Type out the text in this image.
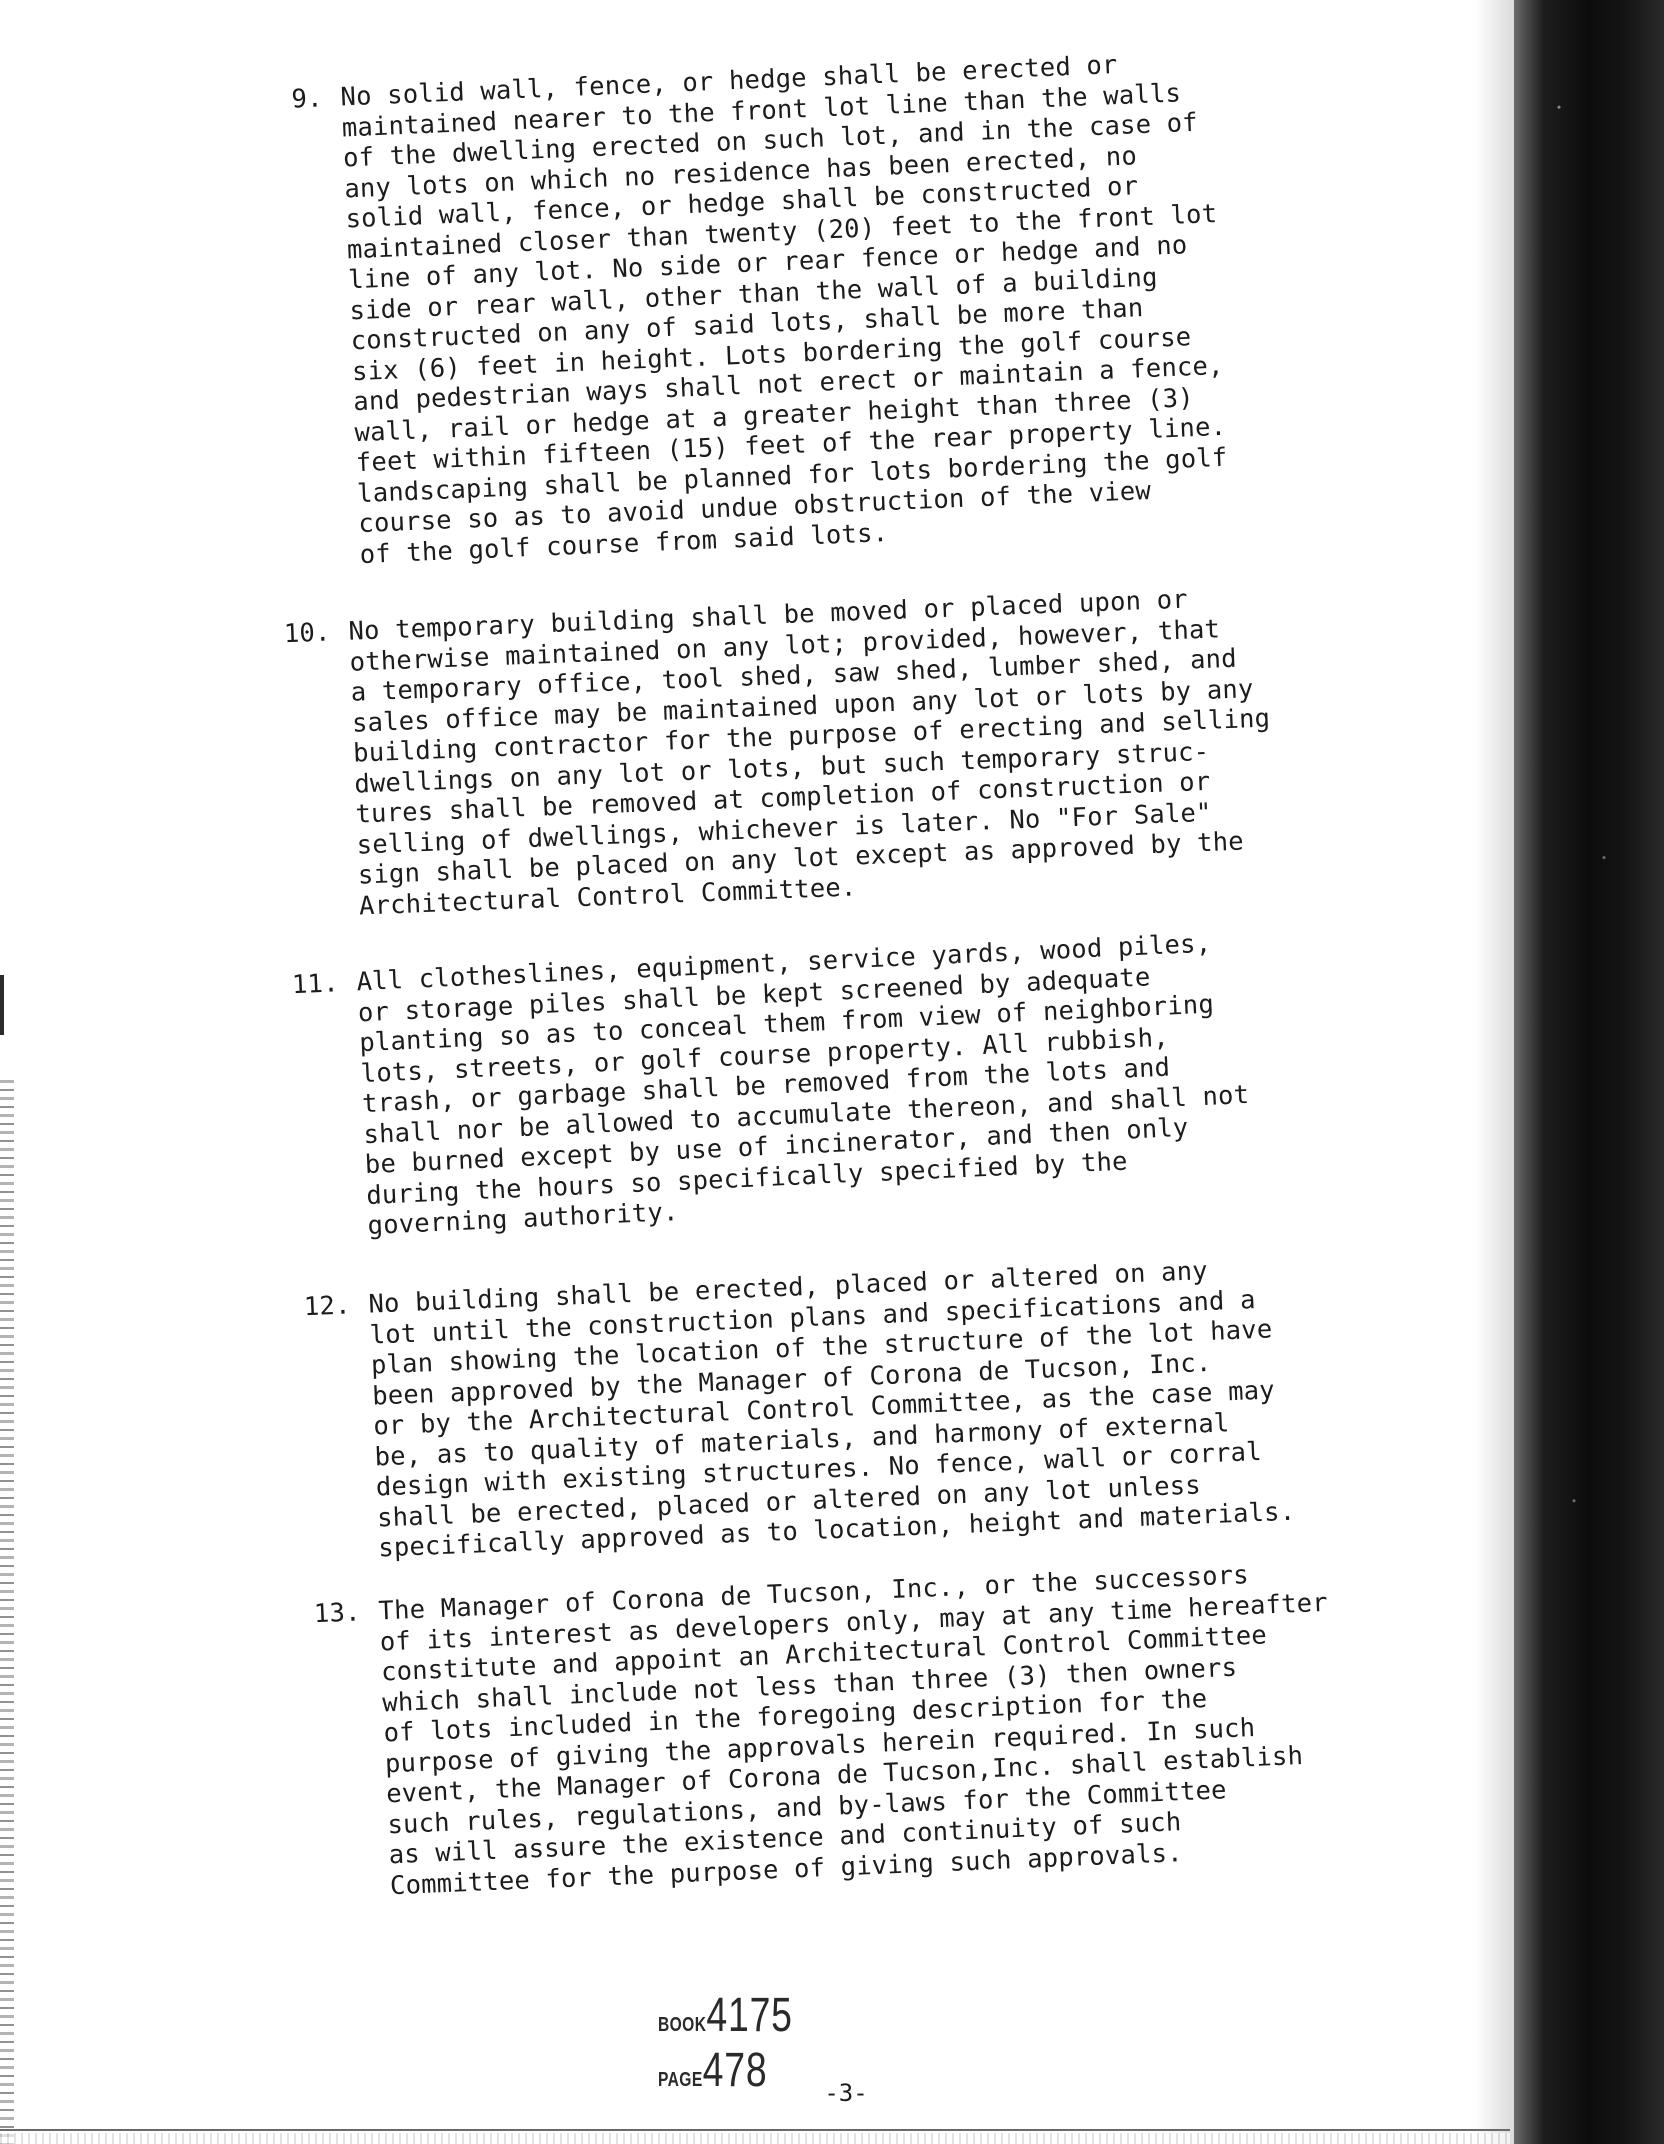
9. No solid wall, fence, or hedge shall be erected or
maintained nearer to the front lot line than the walls
of the dwelling erected on such lot, and in the case of
any lots on which no residence has been erected, no
solid wall, fence, or hedge shall be constructed or
maintained closer than twenty (20) feet to the front lot
line of any lot. No side or rear fence or hedge and no
side or rear wall, other than the wall of a building
constructed on any of said lots, shall be more than
six (6) feet in height. Lots bordering the golf course
and pedestrian ways shall not erect or maintain a fence,
wall, rail or hedge at a greater height than three (3)
feet within fifteen (15) feet of the rear property line.
landscaping shall be planned for lots bordering the golf
course so as to avoid undue obstruction of the view
of the golf course from said lots.
10. No temporary building shall be moved or placed upon or
otherwise maintained on any lot; provided, however, that
a temporary office, tool shed, saw shed, lumber shed, and
sales office may be maintained upon any lot or lots by any
building contractor for the purpose of erecting and selling
dwellings on any lot or lots, but such temporary struc-
tures shall be removed at completion of construction or
selling of dwellings, whichever is later. No "For Sale"
sign shall be placed on any lot except as approved by the
Architectural Control Committee.
11. All clotheslines, equipment, service yards, wood piles,
or storage piles shall be kept screened by adequate
planting so as to conceal them from view of neighboring
lots, streets, or golf course property. All rubbish,
trash, or garbage shall be removed from the lots and
shall nor be allowed to accumulate thereon, and shall not
be burned except by use of incinerator, and then only
during the hours so specifically specified by the
governing authority.
12. No building shall be erected, placed or altered on any
lot until the construction plans and specifications and a
plan showing the location of the structure of the lot have
been approved by the Manager of Corona de Tucson, Inc.
or by the Architectural Control Committee, as the case may
be, as to quality of materials, and harmony of external
design with existing structures. No fence, wall or corral
shall be erected, placed or altered on any lot unless
specifically approved as to location, height and materials.
13. The Manager of Corona de Tucson, Inc., or the successors
of its interest as developers only, may at any time hereafter
constitute and appoint an Architectural Control Committee
which shall include not less than three (3) then owners
of lots included in the foregoing description for the
purpose of giving the approvals herein required. In such
event, the Manager of Corona de Tucson,Inc. shall establish
such rules, regulations, and by-laws for the Committee
as will assure the existence and continuity of such
Committee for the purpose of giving such approvals.
BOOK4175 PAGE478	-3-
